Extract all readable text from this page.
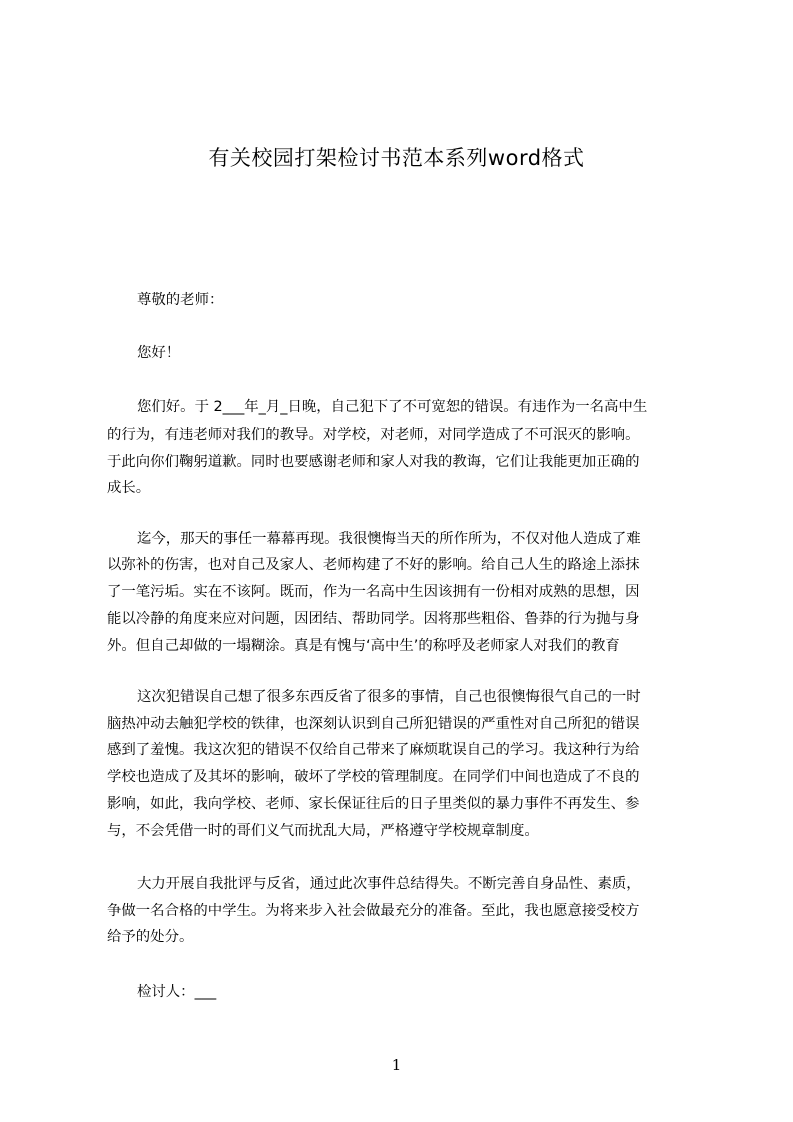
有关校园打架检讨书范本系列word格式

尊敬的老师：

您好！

您们好。于 2___年_月_日晚，自己犯下了不可宽恕的错误。有违作为一名高中生

的行为，有违老师对我们的教导。对学校，对老师，对同学造成了不可泯灭的影响。

于此向你们鞠躬道歉。同时也要感谢老师和家人对我的教诲，它们让我能更加正确的

成长。

迄今，那天的事任一幕幕再现。我很懊悔当天的所作所为，不仅对他人造成了难

以弥补的伤害，也对自己及家人、老师构建了不好的影响。给自己人生的路途上添抹

了一笔污垢。实在不该阿。既而，作为一名高中生因该拥有一份相对成熟的思想，因

能以冷静的角度来应对问题，因团结、帮助同学。因将那些粗俗、鲁莽的行为抛与身

外。但自己却做的一塌糊涂。真是有愧与‘高中生’的称呼及老师家人对我们的教育

这次犯错误自己想了很多东西反省了很多的事情，自己也很懊悔很气自己的一时

脑热冲动去触犯学校的铁律，也深刻认识到自己所犯错误的严重性对自己所犯的错误

感到了羞愧。我这次犯的错误不仅给自己带来了麻烦耽误自己的学习。我这种行为给

学校也造成了及其坏的影响，破坏了学校的管理制度。在同学们中间也造成了不良的

影响，如此，我向学校、老师、家长保证往后的日子里类似的暴力事件不再发生、参

与，不会凭借一时的哥们义气而扰乱大局，严格遵守学校规章制度。

大力开展自我批评与反省，通过此次事件总结得失。不断完善自身品性、素质，

争做一名合格的中学生。为将来步入社会做最充分的准备。至此，我也愿意接受校方

给予的处分。

检讨人：___

1
